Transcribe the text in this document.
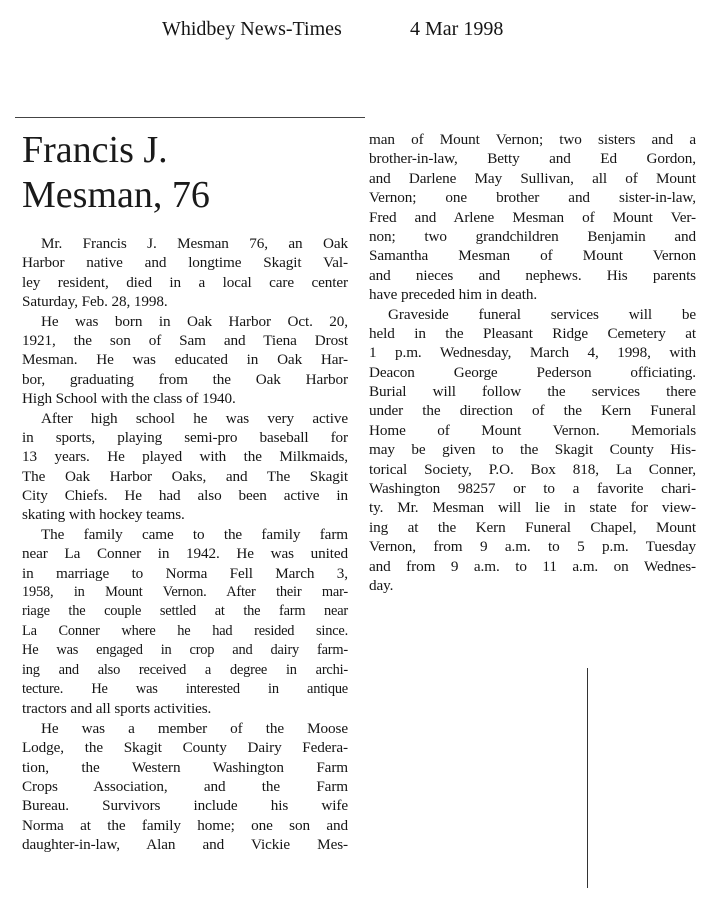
Whidbey News-Times	4 Mar 1998
Francis J.
Mesman, 76
Mr. Francis J. Mesman 76, an Oak
Harbor native and longtime Skagit Val-
ley resident, died in a local care center
Saturday, Feb. 28, 1998.
He was born in Oak Harbor Oct. 20,
1921, the son of Sam and Tiena Drost
Mesman. He was educated in Oak Har-
bor, graduating from the Oak Harbor
High School with the class of 1940.
After high school he was very active
in sports, playing semi-pro baseball for
13 years. He played with the Milkmaids,
The Oak Harbor Oaks, and The Skagit
City Chiefs. He had also been active in
skating with hockey teams.
The family came to the family farm
near La Conner in 1942. He was united
in marriage to Norma Fell March 3,
1958, in Mount Vernon. After their mar-
riage the couple settled at the farm near
La Conner where he had resided since.
He was engaged in crop and dairy farm-
ing and also received a degree in archi-
tecture. He was interested in antique
tractors and all sports activities.
He was a member of the Moose
Lodge, the Skagit County Dairy Federa-
tion, the Western Washington Farm
Crops Association, and the Farm
Bureau. Survivors include his wife
Norma at the family home; one son and
daughter-in-law, Alan and Vickie Mes-
man of Mount Vernon; two sisters and a
brother-in-law, Betty and Ed Gordon,
and Darlene May Sullivan, all of Mount
Vernon; one brother and sister-in-law,
Fred and Arlene Mesman of Mount Ver-
non; two grandchildren Benjamin and
Samantha Mesman of Mount Vernon
and nieces and nephews. His parents
have preceded him in death.
Graveside funeral services will be
held in the Pleasant Ridge Cemetery at
1 p.m. Wednesday, March 4, 1998, with
Deacon George Pederson officiating.
Burial will follow the services there
under the direction of the Kern Funeral
Home of Mount Vernon. Memorials
may be given to the Skagit County His-
torical Society, P.O. Box 818, La Conner,
Washington 98257 or to a favorite chari-
ty. Mr. Mesman will lie in state for view-
ing at the Kern Funeral Chapel, Mount
Vernon, from 9 a.m. to 5 p.m. Tuesday
and from 9 a.m. to 11 a.m. on Wednes-
day.
